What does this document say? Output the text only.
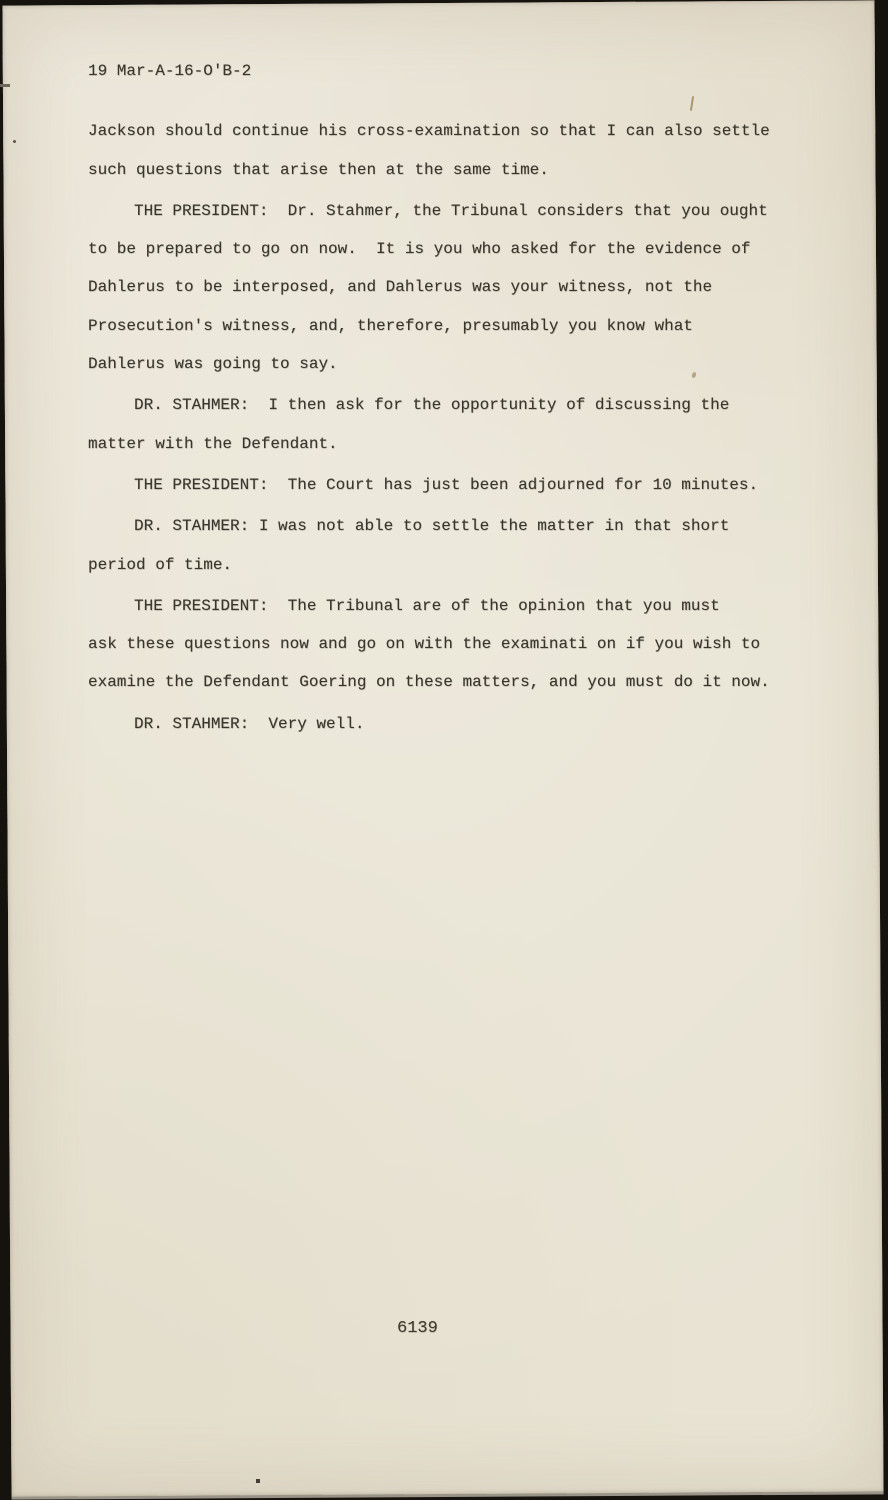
19 Mar-A-16-O'B-2
Jackson should continue his cross-examination so that I can also settle
such questions that arise then at the same time.
THE PRESIDENT:  Dr. Stahmer, the Tribunal considers that you ought
to be prepared to go on now.  It is you who asked for the evidence of
Dahlerus to be interposed, and Dahlerus was your witness, not the
Prosecution's witness, and, therefore, presumably you know what
Dahlerus was going to say.
DR. STAHMER:  I then ask for the opportunity of discussing the
matter with the Defendant.
THE PRESIDENT:  The Court has just been adjourned for 10 minutes.
DR. STAHMER: I was not able to settle the matter in that short
period of time.
THE PRESIDENT:  The Tribunal are of the opinion that you must
ask these questions now and go on with the examinati on if you wish to
examine the Defendant Goering on these matters, and you must do it now.
DR. STAHMER:  Very well.
6139
